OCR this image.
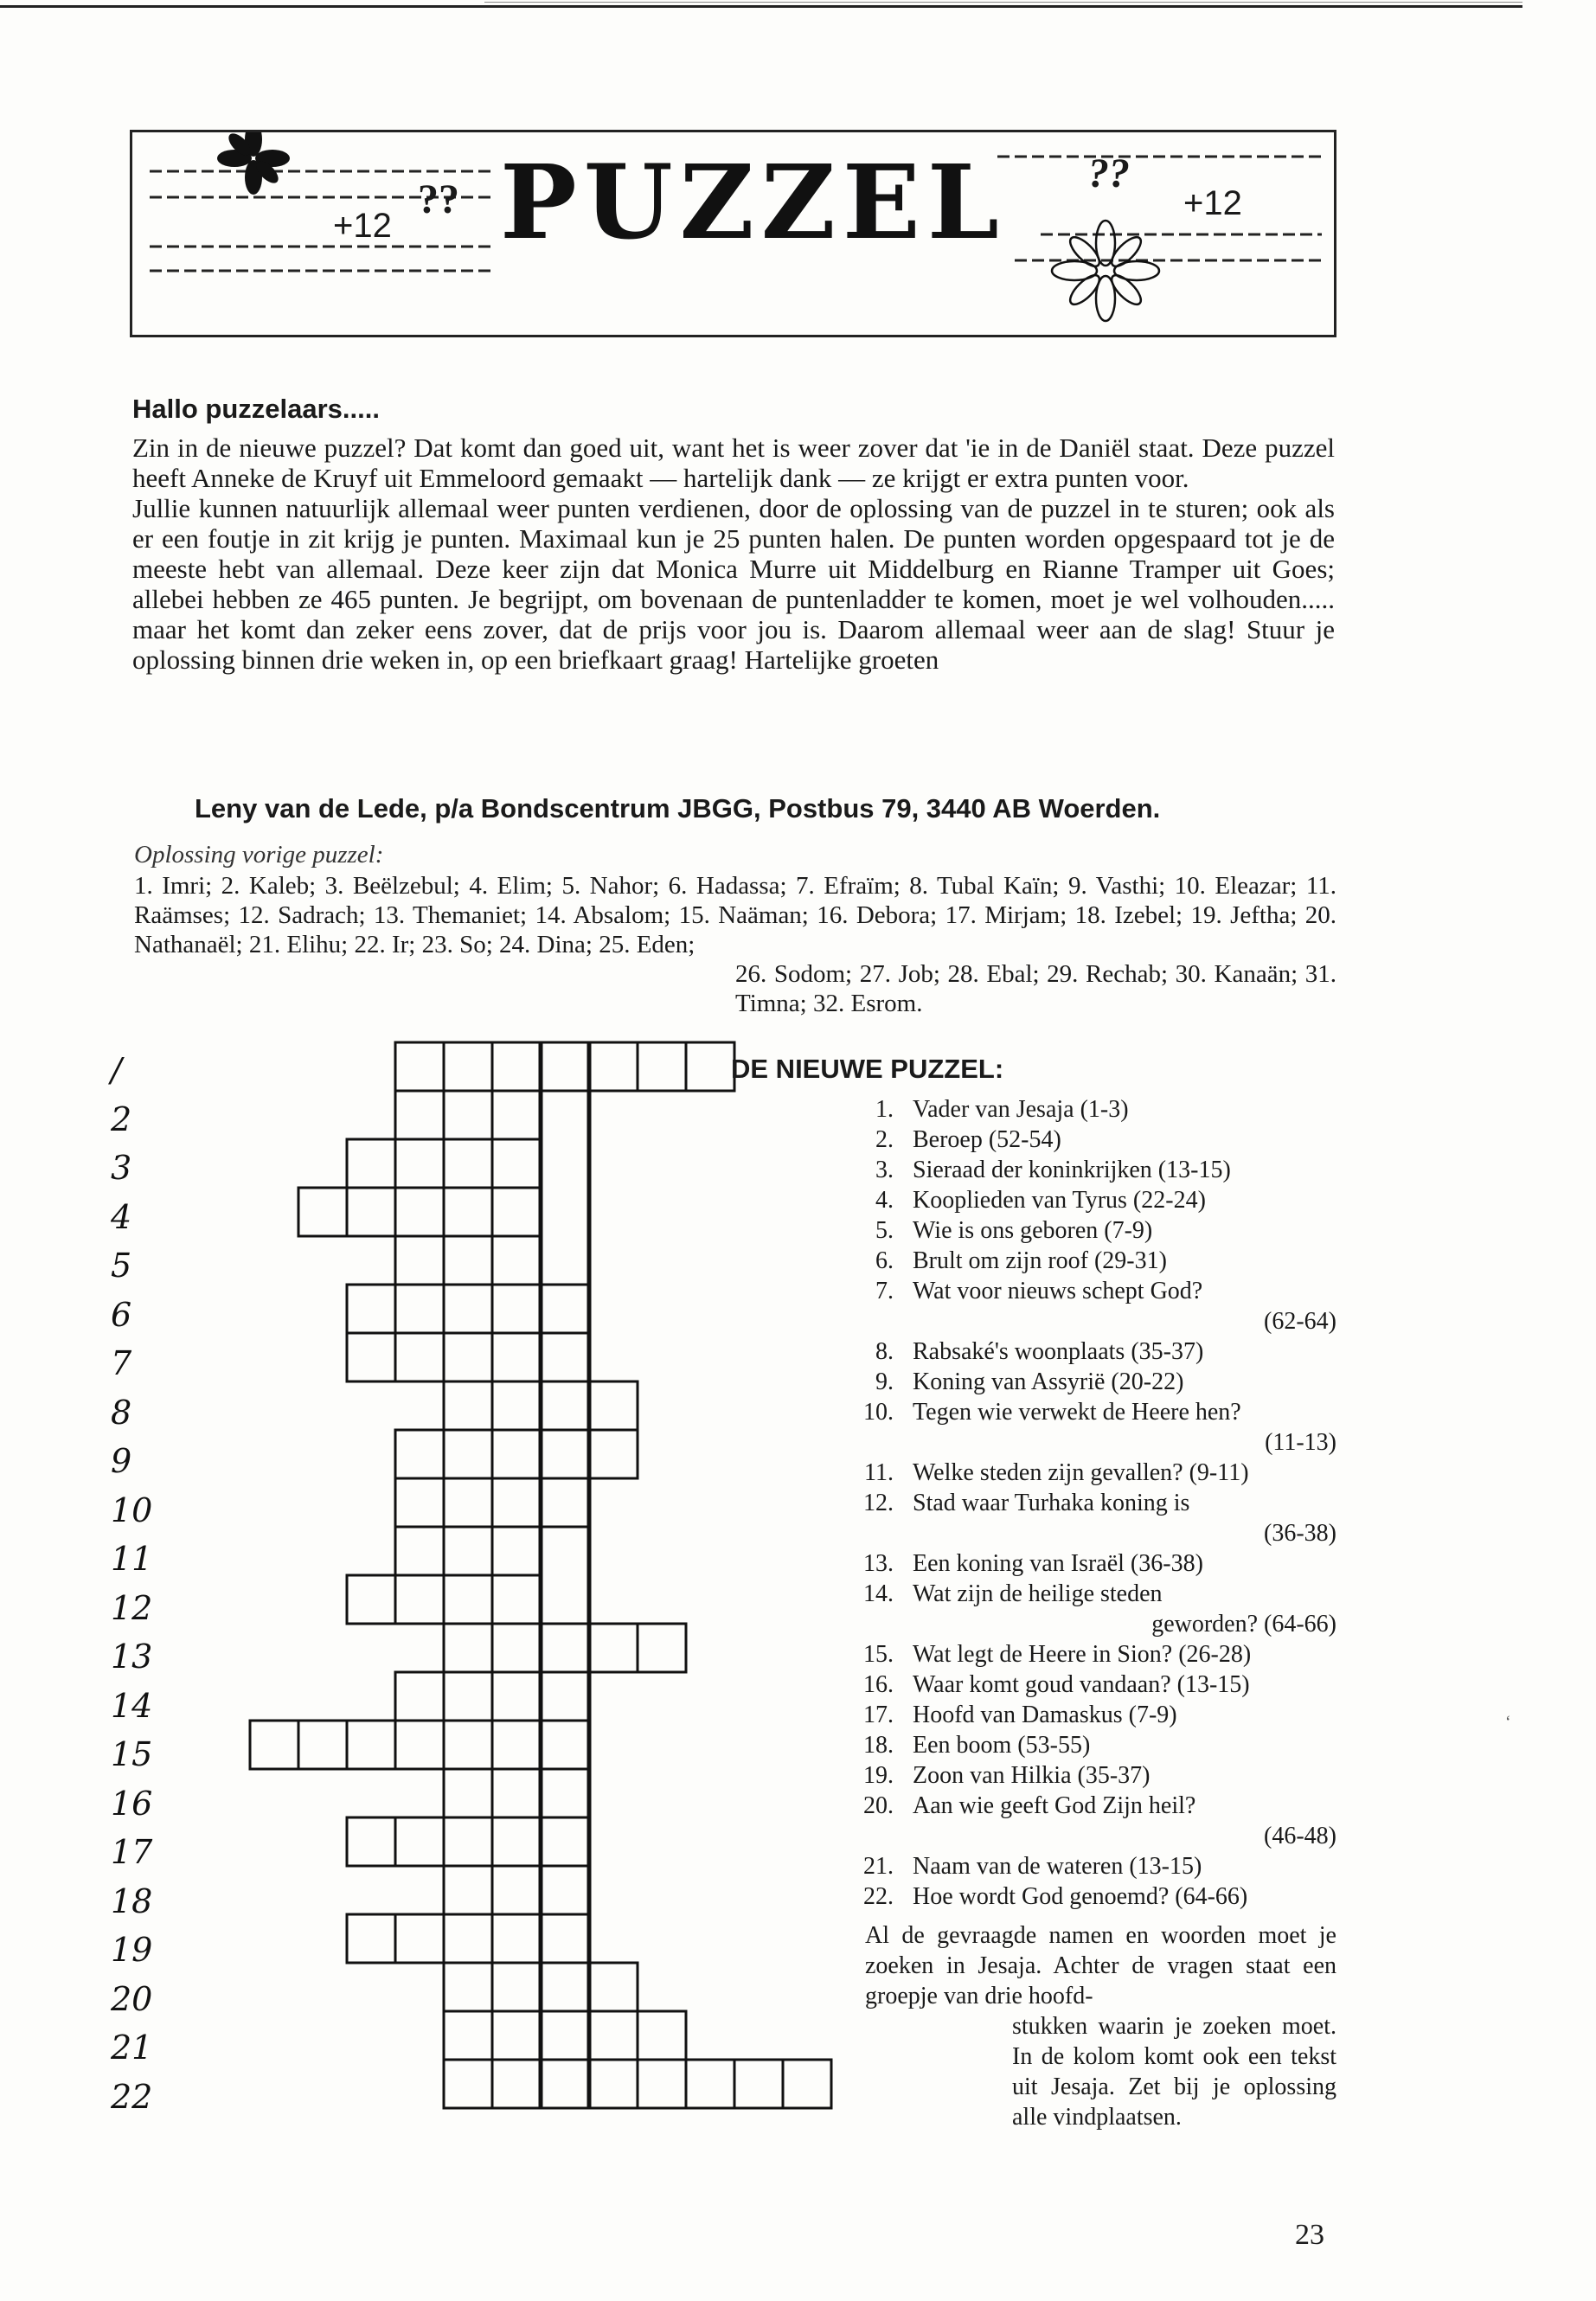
+12
?? PUZZEL ??
+12
Hallo puzzelaars.....

Zin in de nieuwe puzzel? Dat komt dan goed uit, want het is weer zover dat 'ie in de Daniël staat. Deze puzzel heeft Anneke de Kruyf uit Emmeloord gemaakt — hartelijk dank — ze krijgt er extra punten voor.

Jullie kunnen natuurlijk allemaal weer punten verdienen, door de oplossing van de puzzel in te sturen; ook als er een foutje in zit krijg je punten. Maximaal kun je 25 punten halen. De punten worden opgespaard tot je de meeste hebt van allemaal. Deze keer zijn dat Monica Murre uit Middelburg en Rianne Tramper uit Goes; allebei hebben ze 465 punten. Je begrijpt, om bovenaan de puntenladder te komen, moet je wel volhouden..... maar het komt dan zeker eens zover, dat de prijs voor jou is. Daarom allemaal weer aan de slag! Stuur je oplossing binnen drie weken in, op een briefkaart graag! Hartelijke groeten

Leny van de Lede, p/a Bondscentrum JBGG, Postbus 79, 3440 AB Woerden.
Oplossing vorige puzzel:
1. Imri; 2. Kaleb; 3. Beëlzebul; 4. Elim; 5. Nahor; 6. Hadassa; 7. Efraïm; 8. Tubal Kaïn; 9. Vasthi; 10. Eleazar; 11. Raämses; 12. Sadrach; 13. Themaniet; 14. Absalom; 15. Naäman; 16. Debora; 17. Mirjam; 18. Izebel; 19. Jeftha; 20. Nathanaël; 21. Elihu; 22. Ir; 23. So; 24. Dina; 25. Eden;
26. Sodom; 27. Job; 28. Ebal; 29. Rechab; 30. Kanaän; 31. Timna; 32. Esrom.
/
2
3
4
5
6
7
8
9
10
11
12
13
14
15
16
17
18
19
20
21
22
DE NIEUWE PUZZEL:
1. Vader van Jesaja (1-3)
2. Beroep (52-54)
3. Sieraad der koninkrijken (13-15)
4. Kooplieden van Tyrus (22-24)
5. Wie is ons geboren (7-9)
6. Brult om zijn roof (29-31)
7. Wat voor nieuws schept God?
(62-64)
8. Rabsaké's woonplaats (35-37)
9. Koning van Assyrië (20-22)
10. Tegen wie verwekt de Heere hen?
(11-13)
11. Welke steden zijn gevallen? (9-11)
12. Stad waar Turhaka koning is
(36-38)
13. Een koning van Israël (36-38)
14. Wat zijn de heilige steden
geworden? (64-66)
15. Wat legt de Heere in Sion? (26-28)
16. Waar komt goud vandaan? (13-15)
17. Hoofd van Damaskus (7-9)
18. Een boom (53-55)
19. Zoon van Hilkia (35-37)
20. Aan wie geeft God Zijn heil?
(46-48)
21. Naam van de wateren (13-15)
22. Hoe wordt God genoemd? (64-66)
Al de gevraagde namen en woorden moet je zoeken in Jesaja. Achter de vragen staat een groepje van drie hoofd-
stukken waarin je zoeken moet. In de kolom komt ook een tekst uit Jesaja. Zet bij je oplossing alle vindplaatsen.
‘
23
